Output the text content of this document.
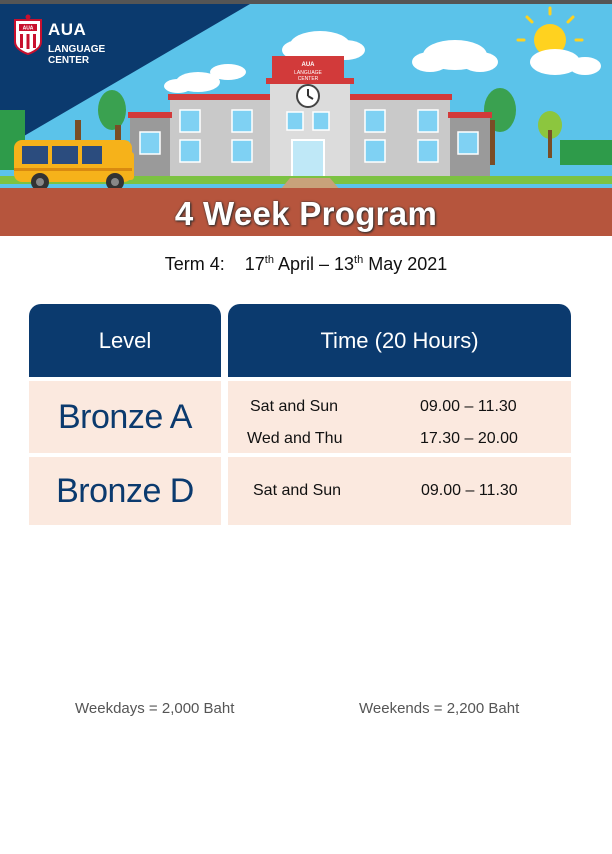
AUA
LANGUAGE
CENTER
AUA AUA
LANGUAGE CENTER
4 Week Program
Term 4: 17th April – 13th May 2021
Level	Time (20 Hours)
Bronze A	Sat and Sun	09.00 – 11.30
Wed and Thu	17.30 – 20.00
Bronze D	Sat and Sun	09.00 – 11.30
Weekdays = 2,000 Baht	Weekends = 2,200 Baht
